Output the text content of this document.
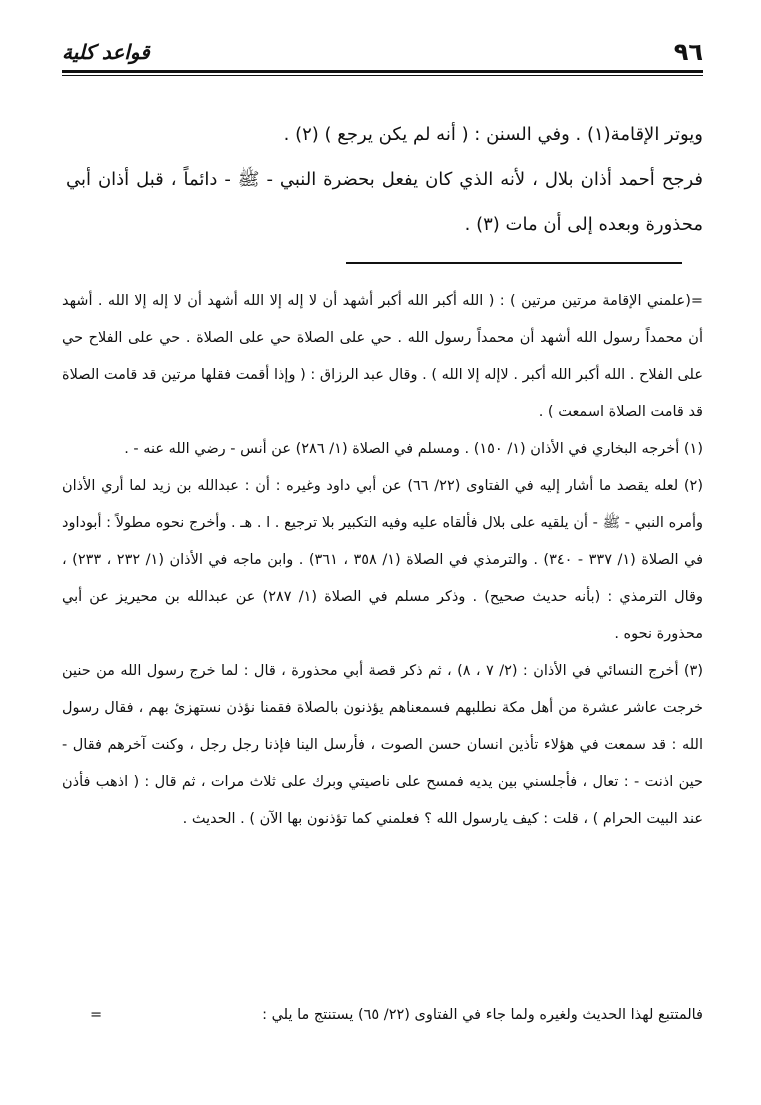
٩٦
قواعد كلية

ويوتر الإقامة(١) . وفي السنن : ( أنه لم يكن يرجع ) (٢) .

فرجح أحمد أذان بلال ، لأنه الذي كان يفعل بحضرة النبي - ﷺ - دائماً ، قبل أذان أبي محذورة وبعده إلى أن مات (٣) .

=(علمني الإقامة مرتين مرتين ) : ( الله أكبر الله أكبر أشهد أن لا إله إلا الله أشهد أن لا إله إلا الله . أشهد أن محمداً رسول الله أشهد أن محمداً رسول الله . حي على الصلاة حي على الصلاة . حي على الفلاح حي على الفلاح . الله أكبر الله أكبر . لاإله إلا الله ) . وقال عبد الرزاق : ( وإذا أقمت فقلها مرتين قد قامت الصلاة قد قامت الصلاة اسمعت ) .

(١) أخرجه البخاري في الأذان (١/ ١٥٠) . ومسلم في الصلاة (١/ ٢٨٦) عن أنس - رضي الله عنه - .

(٢) لعله يقصد ما أشار إليه في الفتاوى (٢٢/ ٦٦) عن أبي داود وغيره : أن : عبدالله بن زيد لما أري الأذان وأمره النبي - ﷺ - أن يلقيه على بلال فألقاه عليه وفيه التكبير بلا ترجيع . ا . هـ . وأخرج نحوه مطولاً : أبوداود في الصلاة (١/ ٣٣٧ - ٣٤٠) . والترمذي في الصلاة (١/ ٣٥٨ ، ٣٦١) . وابن ماجه في الأذان (١/ ٢٣٢ ، ٢٣٣) ، وقال الترمذي : (بأنه حديث صحيح) . وذكر مسلم في الصلاة (١/ ٢٨٧) عن عبدالله بن محيريز عن أبي محذورة نحوه .

(٣) أخرج النسائي في الأذان : (٢/ ٧ ، ٨) ، ثم ذكر قصة أبي محذورة ، قال : لما خرج رسول الله من حنين خرجت عاشر عشرة من أهل مكة نطلبهم فسمعناهم يؤذنون بالصلاة فقمنا نؤذن نستهزئ بهم ، فقال رسول الله : قد سمعت في هؤلاء تأذين انسان حسن الصوت ، فأرسل الينا فإذنا رجل رجل ، وكنت آخرهم فقال - حين اذنت - : تعال ، فأجلسني بين يديه فمسح على ناصيتي وبرك على ثلاث مرات ، ثم قال : ( اذهب فأذن عند البيت الحرام ) ، قلت : كيف يارسول الله ؟ فعلمني كما تؤذنون بها الآن ) . الحديث .

فالمتتبع لهذا الحديث ولغيره ولما جاء في الفتاوى (٢٢/ ٦٥) يستنتج ما يلي :
=
